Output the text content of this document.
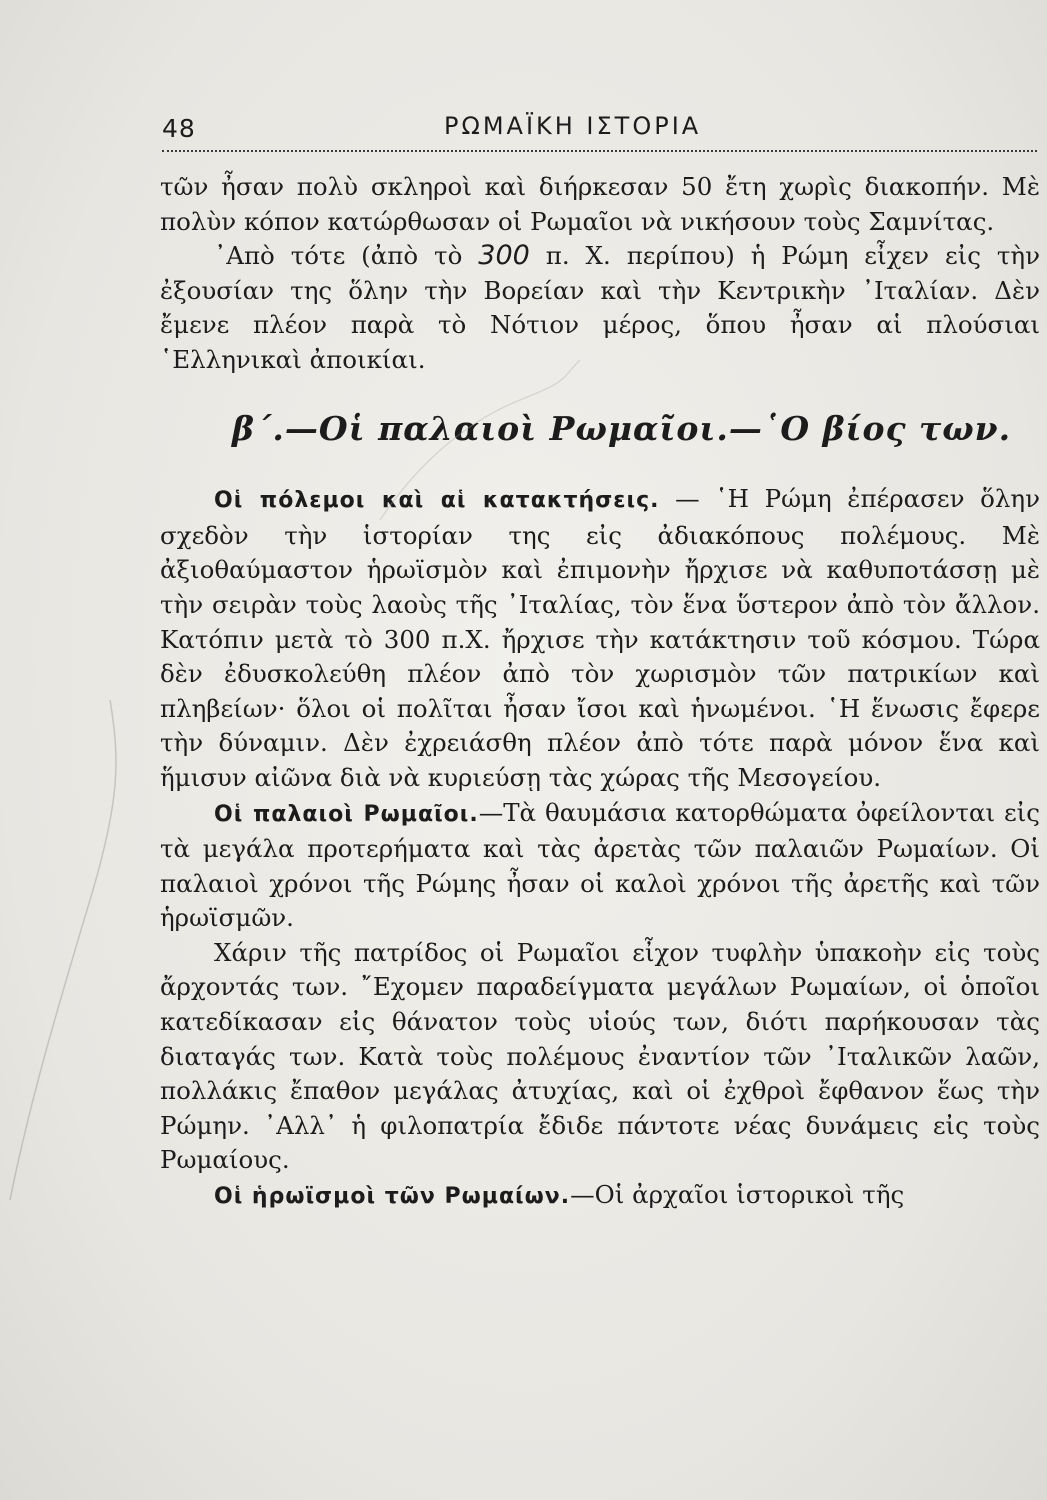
48	ΡΩΜΑΪΚΗ ΙΣΤΟΡΙΑ

τῶν ἦσαν πολὺ σκληροὶ καὶ διήρκεσαν 50 ἔτη χωρὶς διακοπήν. Μὲ πολὺν κόπον κατώρθωσαν οἱ Ρωμαῖοι νὰ νικήσουν τοὺς Σαμνίτας.

᾿Απὸ τότε (ἀπὸ τὸ 300 π. Χ. περίπου) ἡ Ρώμη εἶχεν εἰς τὴν ἐξουσίαν της ὅλην τὴν Βορείαν καὶ τὴν Κεντρικὴν ᾿Ιταλίαν. Δὲν ἔμενε πλέον παρὰ τὸ Νότιον μέρος, ὅπου ἦσαν αἱ πλούσιαι ῾Ελληνικαὶ ἀποικίαι.

β΄.—Οἱ παλαιοὶ Ρωμαῖοι.—῾Ο βίος των.

Οἱ πόλεμοι καὶ αἱ κατακτήσεις. — ῾Η Ρώμη ἐπέρασεν ὅλην σχεδὸν τὴν ἱστορίαν της εἰς ἀδιακόπους πολέμους. Μὲ ἀξιοθαύμαστον ἡρωϊσμὸν καὶ ἐπιμονὴν ἤρχισε νὰ καθυποτάσσῃ μὲ τὴν σειρὰν τοὺς λαοὺς τῆς ᾿Ιταλίας, τὸν ἕνα ὕστερον ἀπὸ τὸν ἄλλον. Κατόπιν μετὰ τὸ 300 π.Χ. ἤρχισε τὴν κατάκτησιν τοῦ κόσμου. Τώρα δὲν ἐδυσκολεύθη πλέον ἀπὸ τὸν χωρισμὸν τῶν πατρικίων καὶ πληβείων· ὅλοι οἱ πολῖται ἦσαν ἴσοι καὶ ἡνωμένοι. ῾Η ἕνωσις ἔφερε τὴν δύναμιν. Δὲν ἐχρειάσθη πλέον ἀπὸ τότε παρὰ μόνον ἕνα καὶ ἥμισυν αἰῶνα διὰ νὰ κυριεύσῃ τὰς χώρας τῆς Μεσογείου.

Οἱ παλαιοὶ Ρωμαῖοι.—Τὰ θαυμάσια κατορθώματα ὀφείλονται εἰς τὰ μεγάλα προτερήματα καὶ τὰς ἀρετὰς τῶν παλαιῶν Ρωμαίων. Οἱ παλαιοὶ χρόνοι τῆς Ρώμης ἦσαν οἱ καλοὶ χρόνοι τῆς ἀρετῆς καὶ τῶν ἡρωϊσμῶν.

Χάριν τῆς πατρίδος οἱ Ρωμαῖοι εἶχον τυφλὴν ὑπακοὴν εἰς τοὺς ἄρχοντάς των. ῎Εχομεν παραδείγματα μεγάλων Ρωμαίων, οἱ ὁποῖοι κατεδίκασαν εἰς θάνατον τοὺς υἱούς των, διότι παρήκουσαν τὰς διαταγάς των. Κατὰ τοὺς πολέμους ἐναντίον τῶν ᾿Ιταλικῶν λαῶν, πολλάκις ἔπαθον μεγάλας ἀτυχίας, καὶ οἱ ἐχθροὶ ἔφθανον ἕως τὴν Ρώμην. ᾿Αλλ᾿ ἡ φιλοπατρία ἔδιδε πάντοτε νέας δυνάμεις εἰς τοὺς Ρωμαίους.

Οἱ ἡρωϊσμοὶ τῶν Ρωμαίων.—Οἱ ἀρχαῖοι ἱστορικοὶ τῆς
